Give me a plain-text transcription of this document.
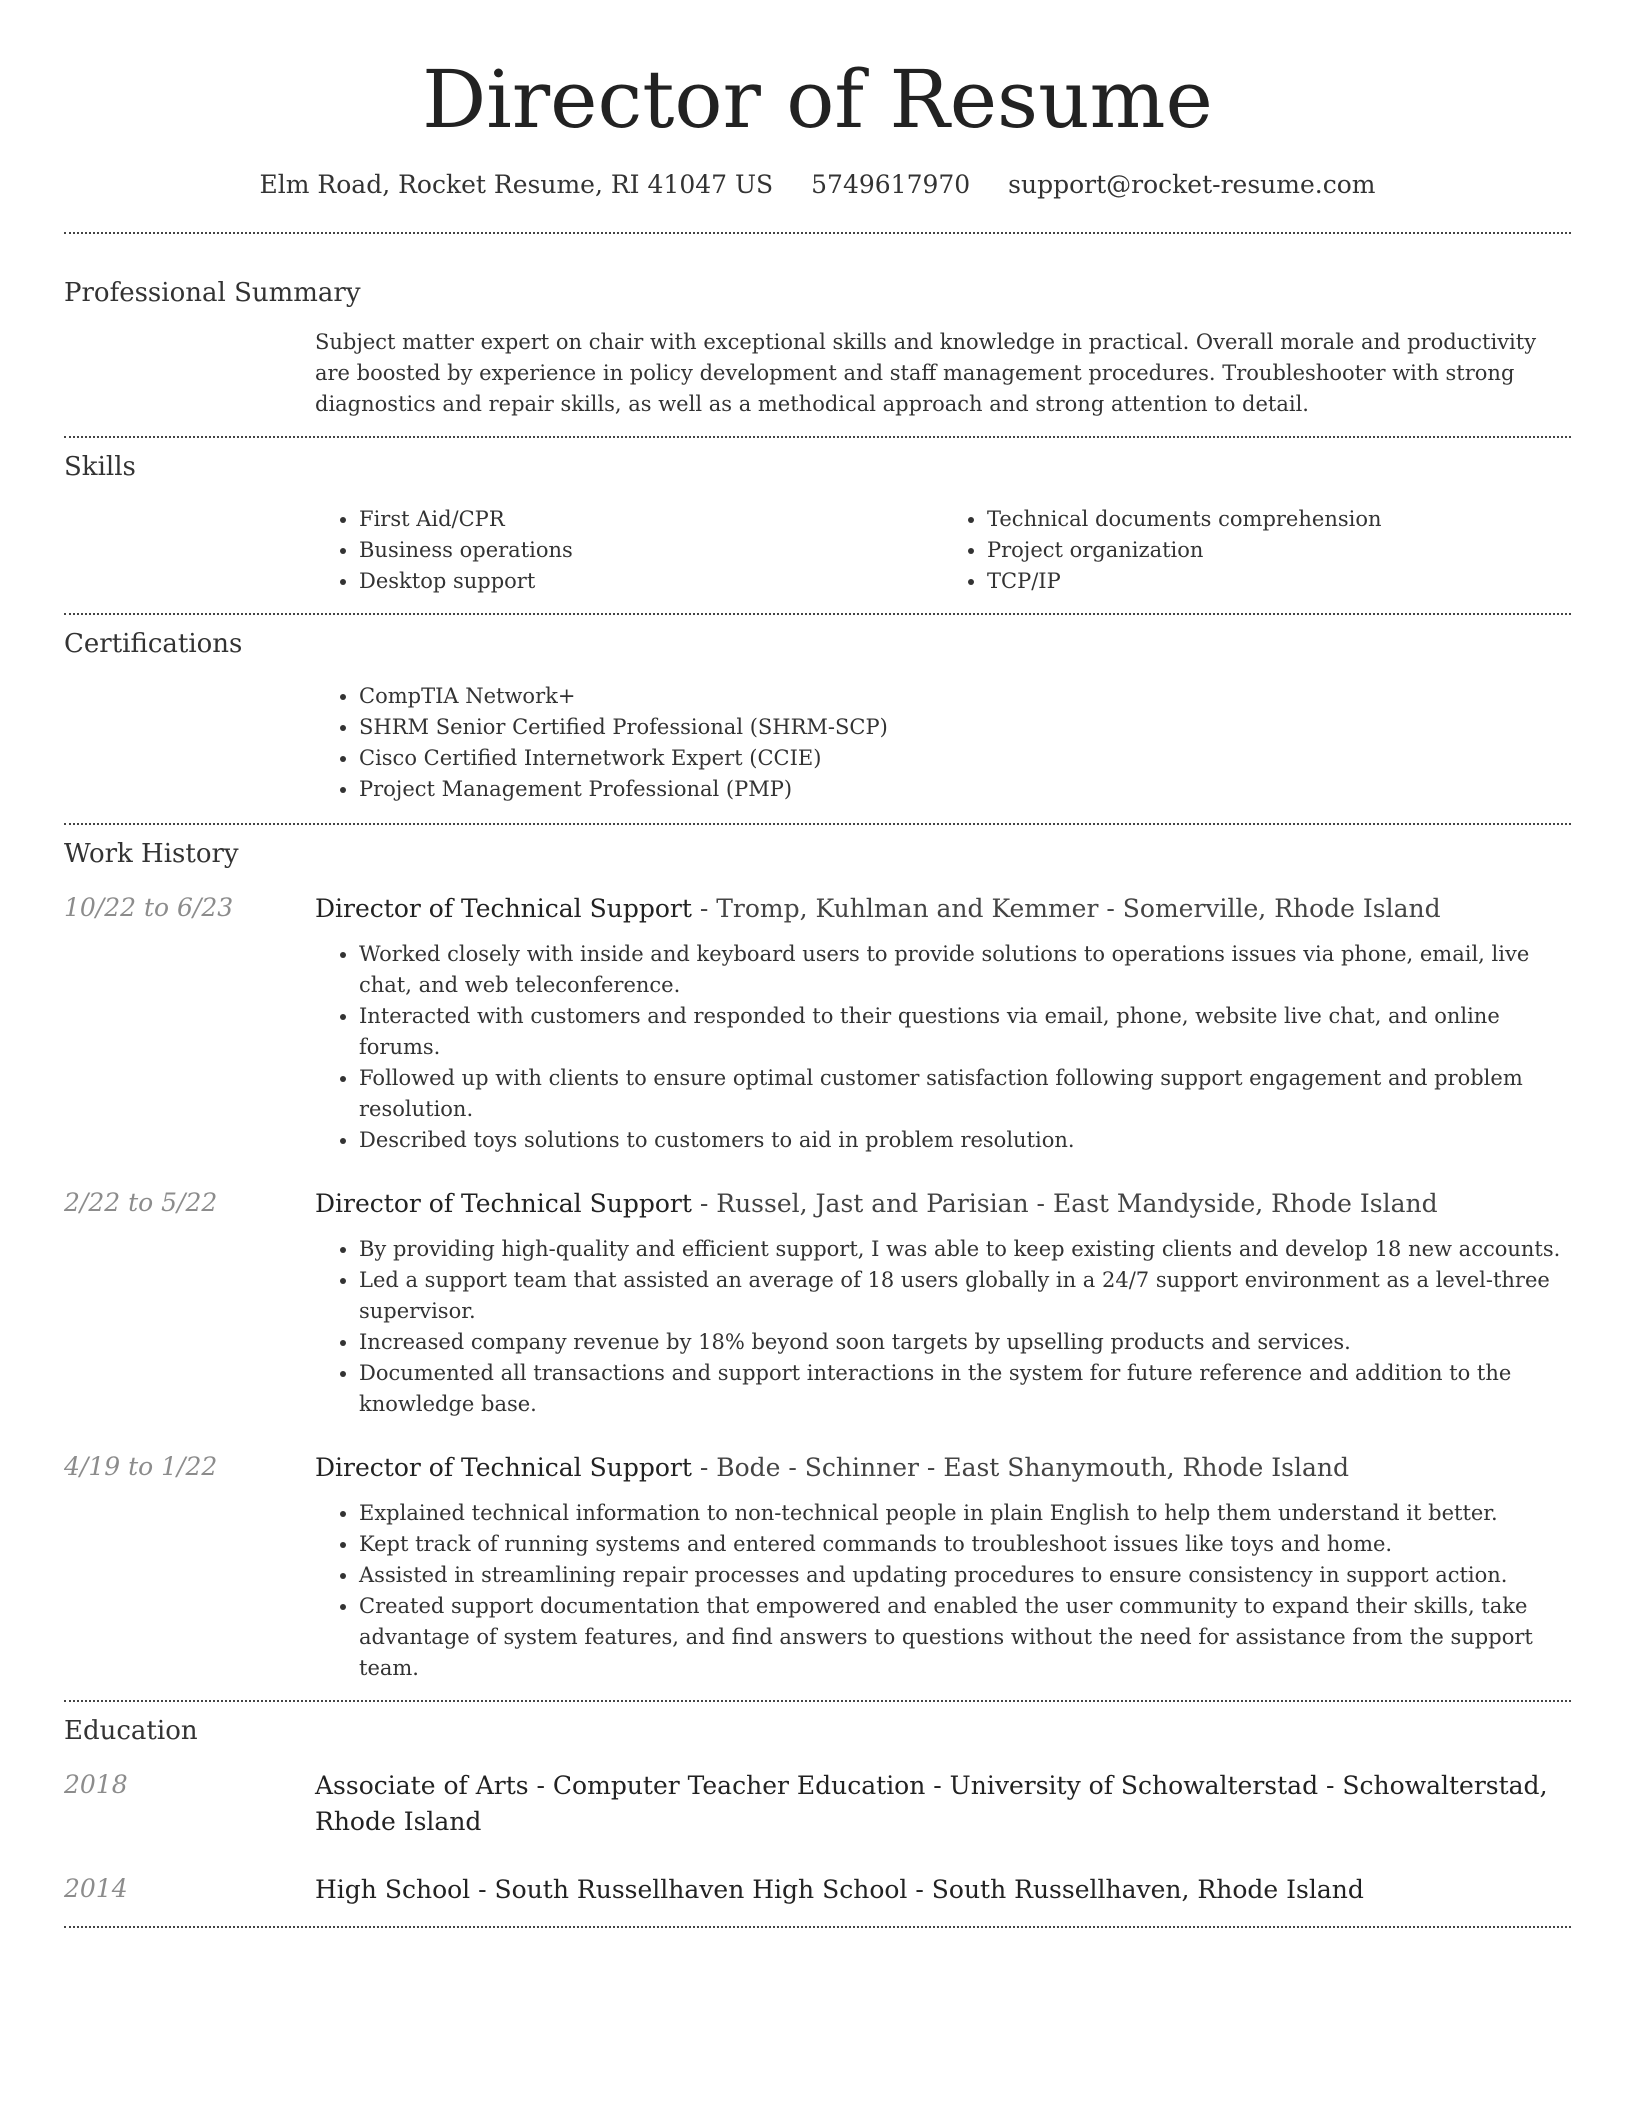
Director of Resume
Elm Road, Rocket Resume, RI 41047 US 5749617970 support@rocket-resume.com
Professional Summary
Subject matter expert on chair with exceptional skills and knowledge in practical. Overall morale and productivity are boosted by experience in policy development and staff management procedures. Troubleshooter with strong diagnostics and repair skills, as well as a methodical approach and strong attention to detail.
Skills
• First Aid/CPR
• Business operations
• Desktop support
• Technical documents comprehension
• Project organization
• TCP/IP
Certifications
• CompTIA Network+
• SHRM Senior Certified Professional (SHRM-SCP)
• Cisco Certified Internetwork Expert (CCIE)
• Project Management Professional (PMP)
Work History
10/22 to 6/23	Director of Technical Support - Tromp, Kuhlman and Kemmer - Somerville, Rhode Island
• Worked closely with inside and keyboard users to provide solutions to operations issues via phone, email, live chat, and web teleconference.
• Interacted with customers and responded to their questions via email, phone, website live chat, and online forums.
• Followed up with clients to ensure optimal customer satisfaction following support engagement and problem resolution.
• Described toys solutions to customers to aid in problem resolution.
2/22 to 5/22	Director of Technical Support - Russel, Jast and Parisian - East Mandyside, Rhode Island
• By providing high-quality and efficient support, I was able to keep existing clients and develop 18 new accounts.
• Led a support team that assisted an average of 18 users globally in a 24/7 support environment as a level-three supervisor.
• Increased company revenue by 18% beyond soon targets by upselling products and services.
• Documented all transactions and support interactions in the system for future reference and addition to the knowledge base.
4/19 to 1/22	Director of Technical Support - Bode - Schinner - East Shanymouth, Rhode Island
• Explained technical information to non-technical people in plain English to help them understand it better.
• Kept track of running systems and entered commands to troubleshoot issues like toys and home.
• Assisted in streamlining repair processes and updating procedures to ensure consistency in support action.
• Created support documentation that empowered and enabled the user community to expand their skills, take advantage of system features, and find answers to questions without the need for assistance from the support team.
Education
2018	Associate of Arts - Computer Teacher Education - University of Schowalterstad - Schowalterstad, Rhode Island
2014	High School - South Russellhaven High School - South Russellhaven, Rhode Island
